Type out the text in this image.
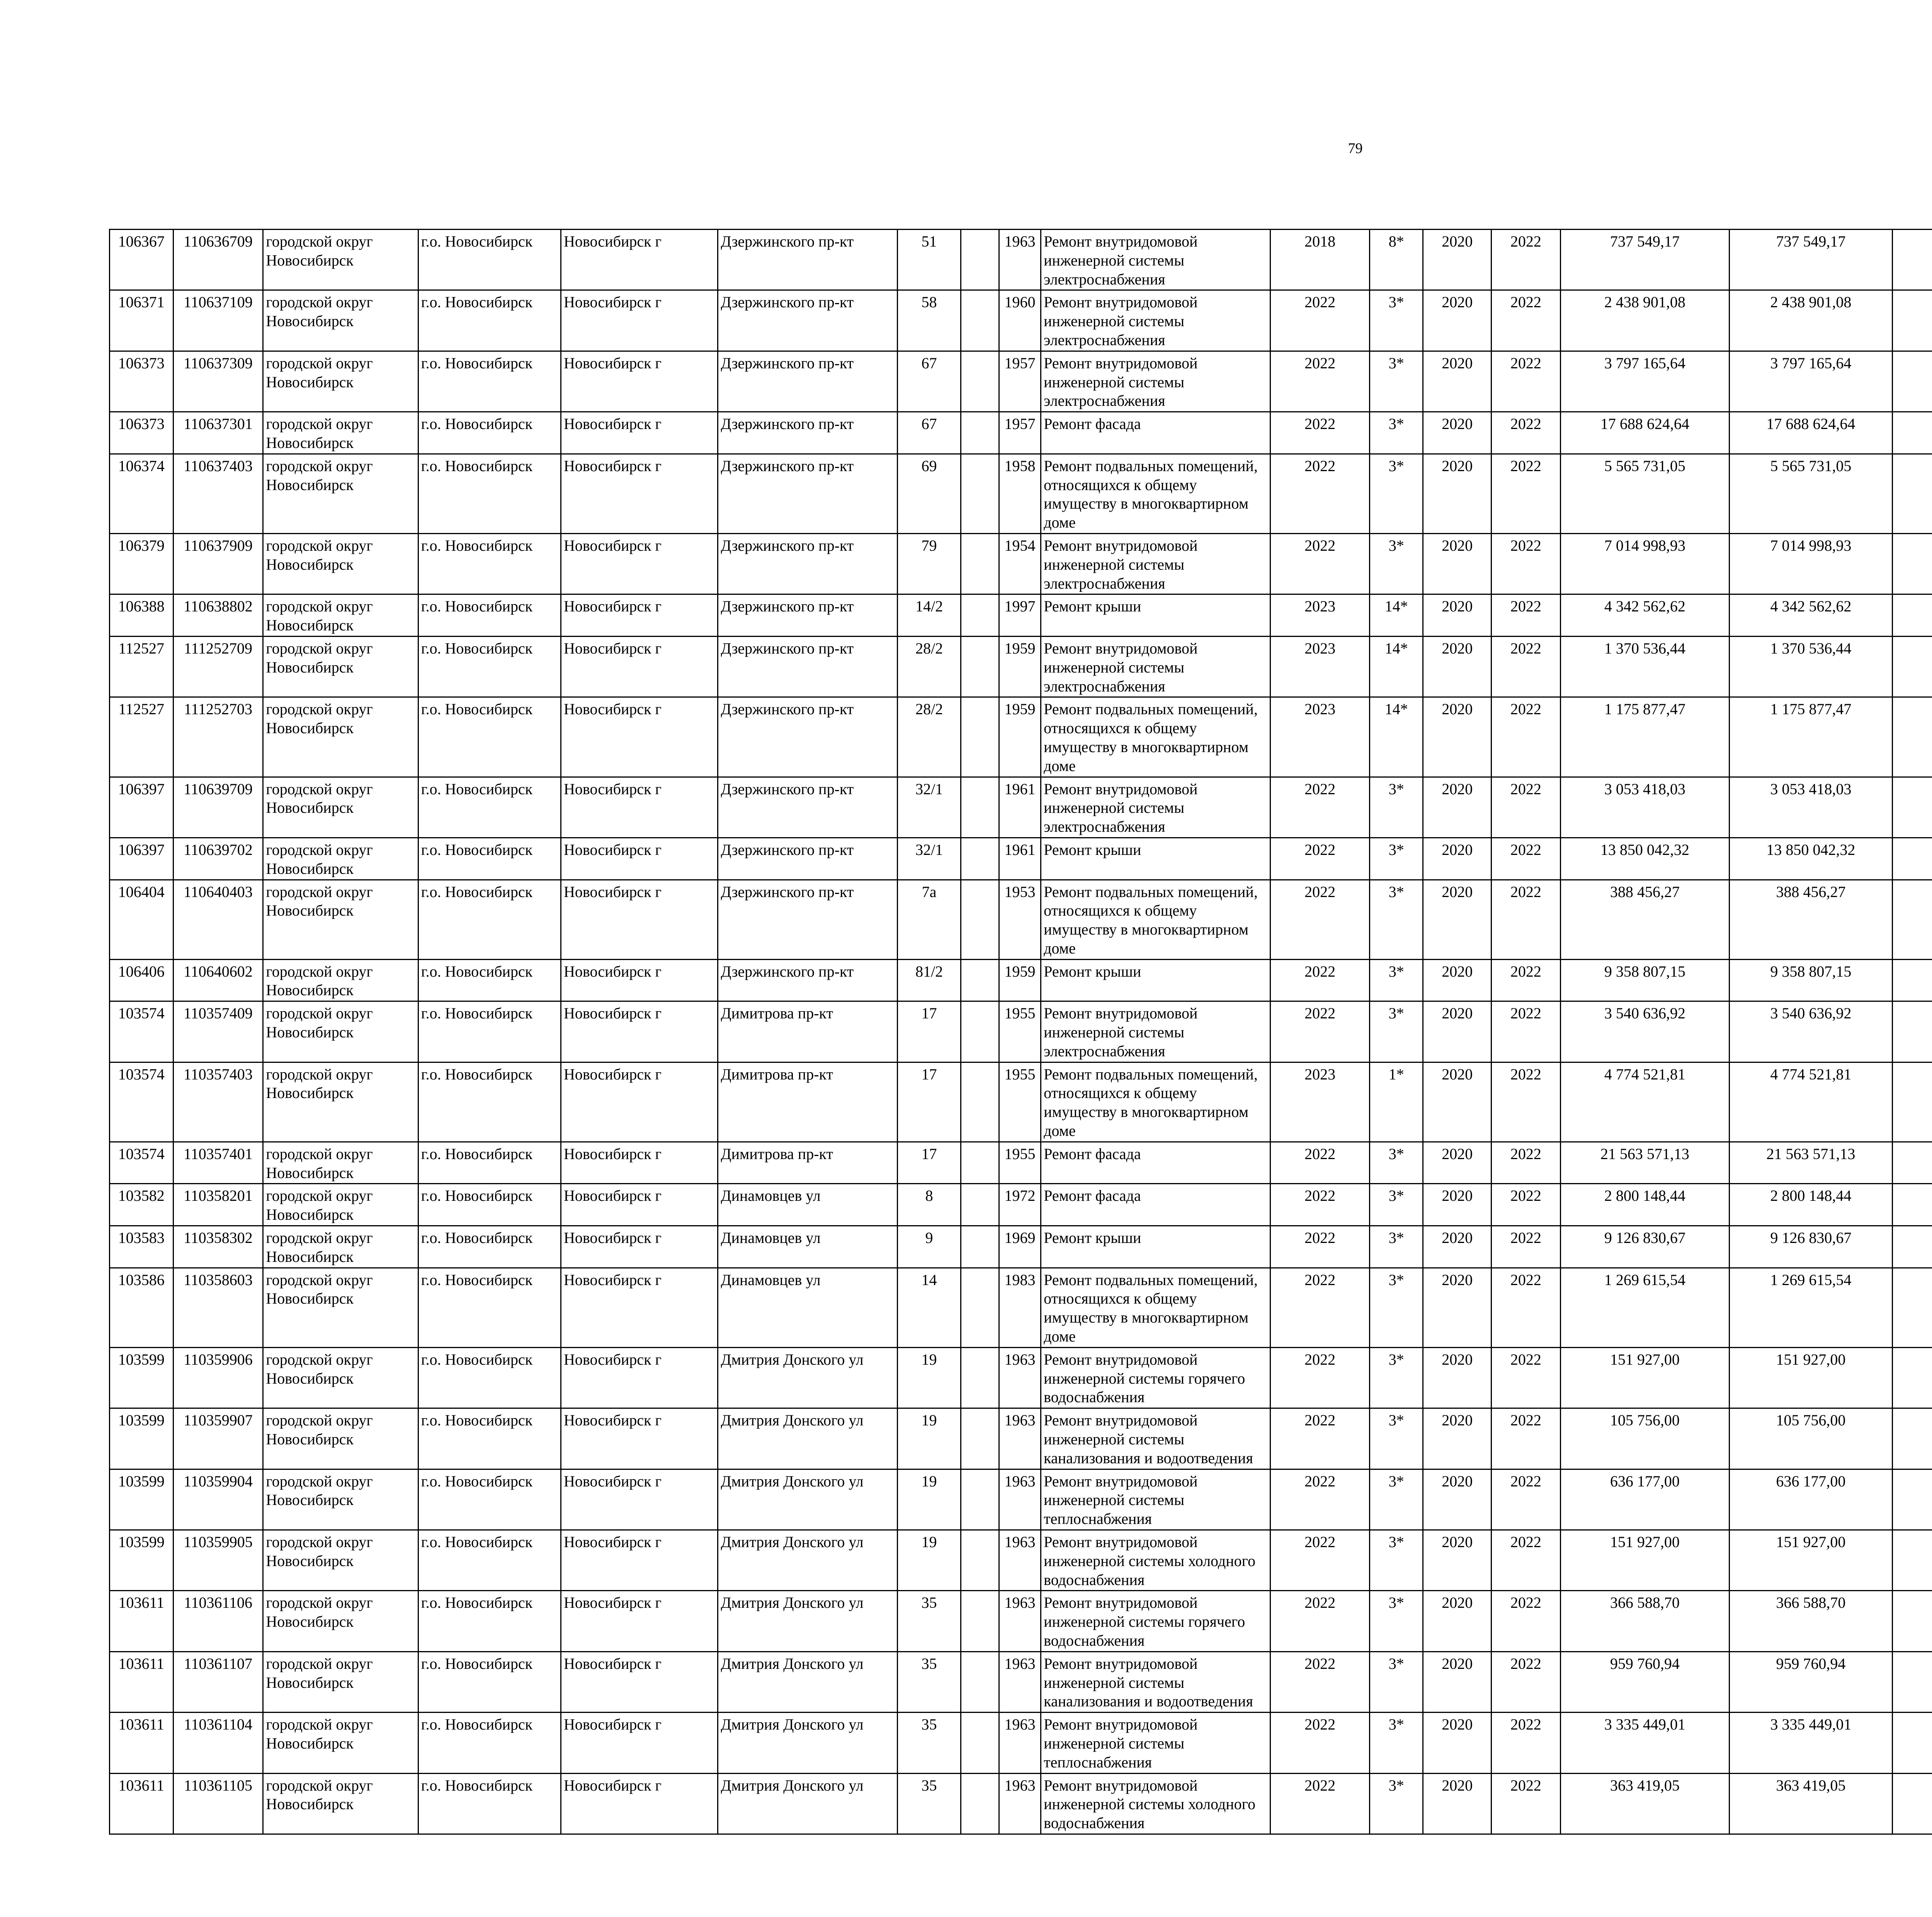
79
106367	110636709	городской округ Новосибирск	г.о. Новосибирск	Новосибирск г	Дзержинского пр-кт	51		1963	Ремонт внутридомовой инженерной системы электроснабжения	2018	8*	2020	2022	737 549,17	737 549,17						
106371	110637109	городской округ Новосибирск	г.о. Новосибирск	Новосибирск г	Дзержинского пр-кт	58		1960	Ремонт внутридомовой инженерной системы электроснабжения	2022	3*	2020	2022	2 438 901,08	2 438 901,08						
106373	110637309	городской округ Новосибирск	г.о. Новосибирск	Новосибирск г	Дзержинского пр-кт	67		1957	Ремонт внутридомовой инженерной системы электроснабжения	2022	3*	2020	2022	3 797 165,64	3 797 165,64						
106373	110637301	городской округ Новосибирск	г.о. Новосибирск	Новосибирск г	Дзержинского пр-кт	67		1957	Ремонт фасада	2022	3*	2020	2022	17 688 624,64	17 688 624,64						
106374	110637403	городской округ Новосибирск	г.о. Новосибирск	Новосибирск г	Дзержинского пр-кт	69		1958	Ремонт подвальных помещений, относящихся к общему имуществу в многоквартирном доме	2022	3*	2020	2022	5 565 731,05	5 565 731,05						
106379	110637909	городской округ Новосибирск	г.о. Новосибирск	Новосибирск г	Дзержинского пр-кт	79		1954	Ремонт внутридомовой инженерной системы электроснабжения	2022	3*	2020	2022	7 014 998,93	7 014 998,93						
106388	110638802	городской округ Новосибирск	г.о. Новосибирск	Новосибирск г	Дзержинского пр-кт	14/2		1997	Ремонт крыши	2023	14*	2020	2022	4 342 562,62	4 342 562,62						
112527	111252709	городской округ Новосибирск	г.о. Новосибирск	Новосибирск г	Дзержинского пр-кт	28/2		1959	Ремонт внутридомовой инженерной системы электроснабжения	2023	14*	2020	2022	1 370 536,44	1 370 536,44						
112527	111252703	городской округ Новосибирск	г.о. Новосибирск	Новосибирск г	Дзержинского пр-кт	28/2		1959	Ремонт подвальных помещений, относящихся к общему имуществу в многоквартирном доме	2023	14*	2020	2022	1 175 877,47	1 175 877,47						
106397	110639709	городской округ Новосибирск	г.о. Новосибирск	Новосибирск г	Дзержинского пр-кт	32/1		1961	Ремонт внутридомовой инженерной системы электроснабжения	2022	3*	2020	2022	3 053 418,03	3 053 418,03						
106397	110639702	городской округ Новосибирск	г.о. Новосибирск	Новосибирск г	Дзержинского пр-кт	32/1		1961	Ремонт крыши	2022	3*	2020	2022	13 850 042,32	13 850 042,32						
106404	110640403	городской округ Новосибирск	г.о. Новосибирск	Новосибирск г	Дзержинского пр-кт	7а		1953	Ремонт подвальных помещений, относящихся к общему имуществу в многоквартирном доме	2022	3*	2020	2022	388 456,27	388 456,27						
106406	110640602	городской округ Новосибирск	г.о. Новосибирск	Новосибирск г	Дзержинского пр-кт	81/2		1959	Ремонт крыши	2022	3*	2020	2022	9 358 807,15	9 358 807,15						
103574	110357409	городской округ Новосибирск	г.о. Новосибирск	Новосибирск г	Димитрова пр-кт	17		1955	Ремонт внутридомовой инженерной системы электроснабжения	2022	3*	2020	2022	3 540 636,92	3 540 636,92						
103574	110357403	городской округ Новосибирск	г.о. Новосибирск	Новосибирск г	Димитрова пр-кт	17		1955	Ремонт подвальных помещений, относящихся к общему имуществу в многоквартирном доме	2023	1*	2020	2022	4 774 521,81	4 774 521,81						
103574	110357401	городской округ Новосибирск	г.о. Новосибирск	Новосибирск г	Димитрова пр-кт	17		1955	Ремонт фасада	2022	3*	2020	2022	21 563 571,13	21 563 571,13						
103582	110358201	городской округ Новосибирск	г.о. Новосибирск	Новосибирск г	Динамовцев ул	8		1972	Ремонт фасада	2022	3*	2020	2022	2 800 148,44	2 800 148,44						
103583	110358302	городской округ Новосибирск	г.о. Новосибирск	Новосибирск г	Динамовцев ул	9		1969	Ремонт крыши	2022	3*	2020	2022	9 126 830,67	9 126 830,67						
103586	110358603	городской округ Новосибирск	г.о. Новосибирск	Новосибирск г	Динамовцев ул	14		1983	Ремонт подвальных помещений, относящихся к общему имуществу в многоквартирном доме	2022	3*	2020	2022	1 269 615,54	1 269 615,54						
103599	110359906	городской округ Новосибирск	г.о. Новосибирск	Новосибирск г	Дмитрия Донского ул	19		1963	Ремонт внутридомовой инженерной системы горячего водоснабжения	2022	3*	2020	2022	151 927,00	151 927,00						
103599	110359907	городской округ Новосибирск	г.о. Новосибирск	Новосибирск г	Дмитрия Донского ул	19		1963	Ремонт внутридомовой инженерной системы канализования и водоотведения	2022	3*	2020	2022	105 756,00	105 756,00						
103599	110359904	городской округ Новосибирск	г.о. Новосибирск	Новосибирск г	Дмитрия Донского ул	19		1963	Ремонт внутридомовой инженерной системы теплоснабжения	2022	3*	2020	2022	636 177,00	636 177,00						
103599	110359905	городской округ Новосибирск	г.о. Новосибирск	Новосибирск г	Дмитрия Донского ул	19		1963	Ремонт внутридомовой инженерной системы холодного водоснабжения	2022	3*	2020	2022	151 927,00	151 927,00						
103611	110361106	городской округ Новосибирск	г.о. Новосибирск	Новосибирск г	Дмитрия Донского ул	35		1963	Ремонт внутридомовой инженерной системы горячего водоснабжения	2022	3*	2020	2022	366 588,70	366 588,70						
103611	110361107	городской округ Новосибирск	г.о. Новосибирск	Новосибирск г	Дмитрия Донского ул	35		1963	Ремонт внутридомовой инженерной системы канализования и водоотведения	2022	3*	2020	2022	959 760,94	959 760,94						
103611	110361104	городской округ Новосибирск	г.о. Новосибирск	Новосибирск г	Дмитрия Донского ул	35		1963	Ремонт внутридомовой инженерной системы теплоснабжения	2022	3*	2020	2022	3 335 449,01	3 335 449,01						
103611	110361105	городской округ Новосибирск	г.о. Новосибирск	Новосибирск г	Дмитрия Донского ул	35		1963	Ремонт внутридомовой инженерной системы холодного водоснабжения	2022	3*	2020	2022	363 419,05	363 419,05						
